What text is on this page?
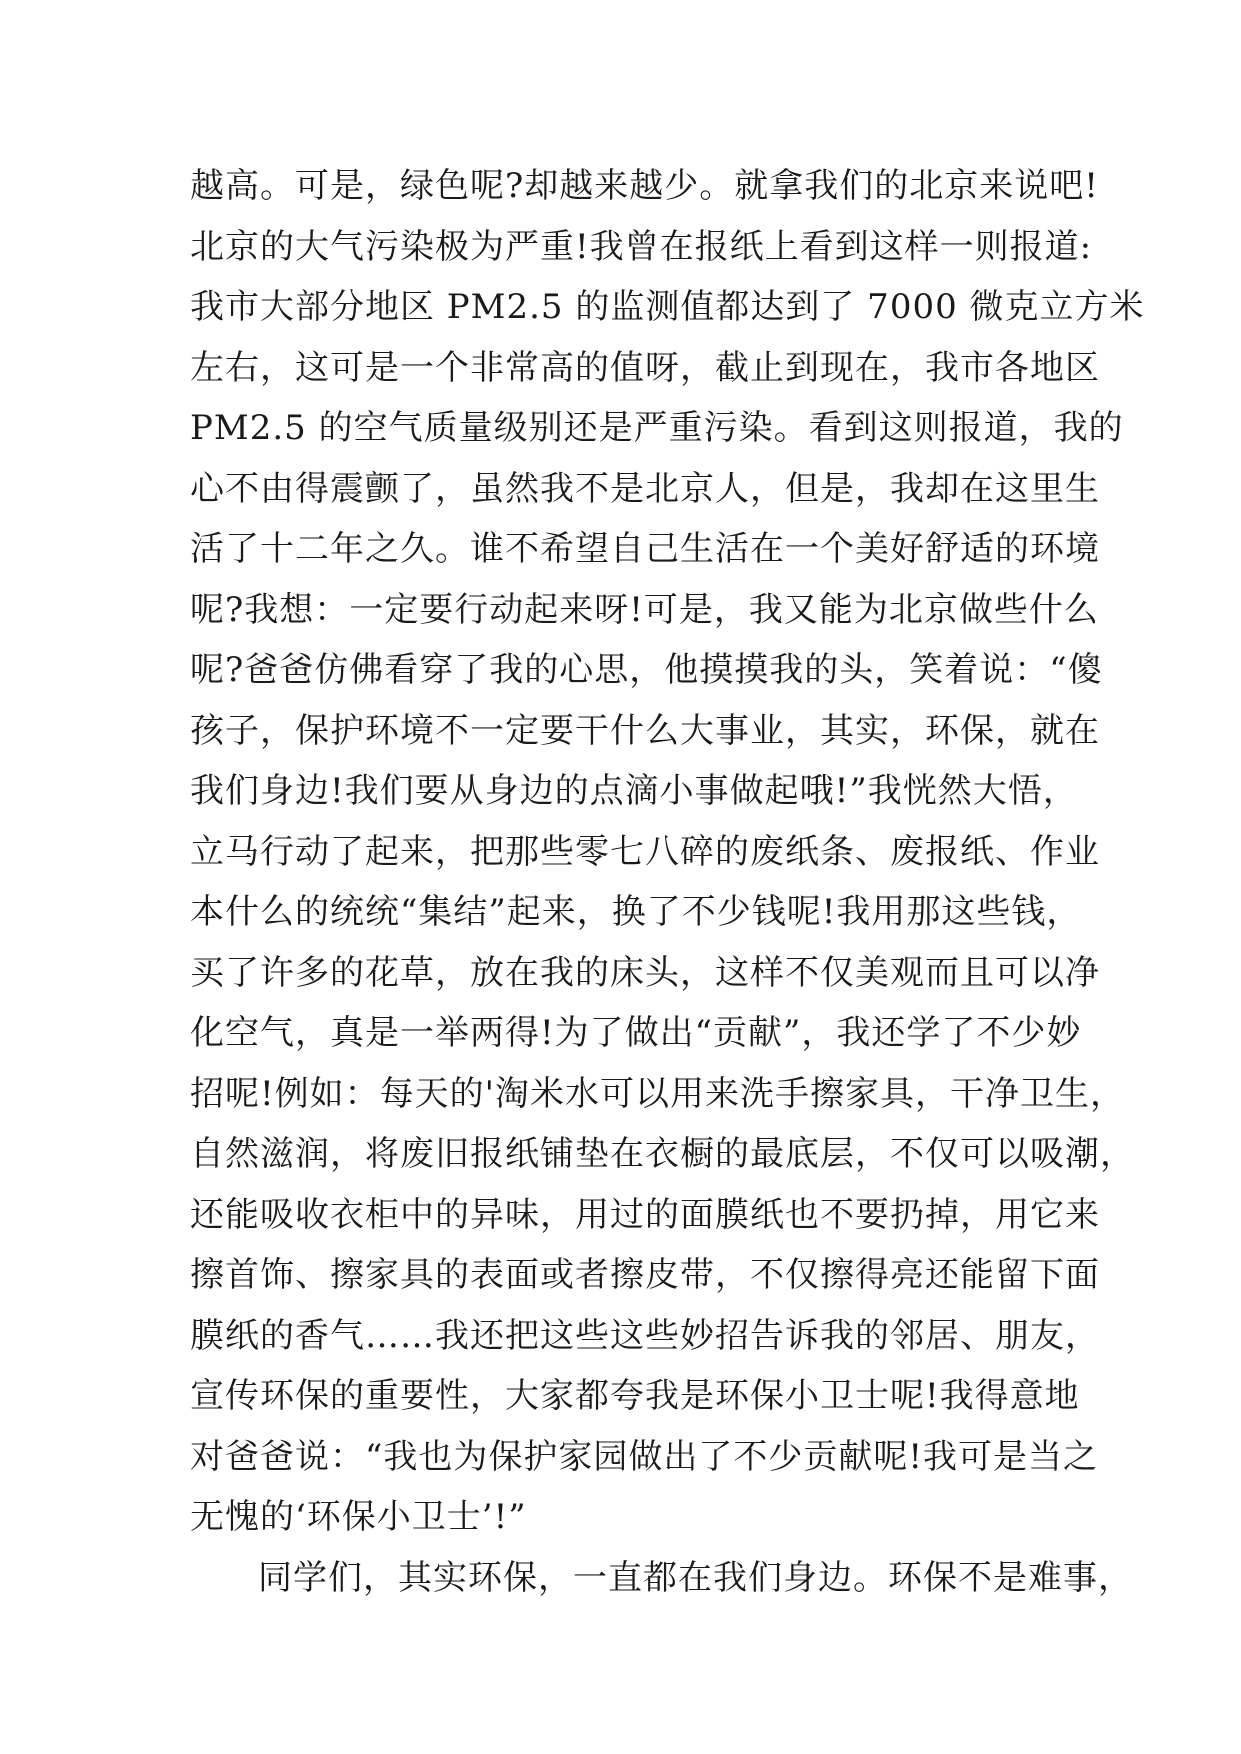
越高。可是，绿色呢?却越来越少。就拿我们的北京来说吧!
北京的大气污染极为严重!我曾在报纸上看到这样一则报道:
我市大部分地区 PM2.5 的监测值都达到了 7000 微克立方米
左右，这可是一个非常高的值呀，截止到现在，我市各地区
PM2.5 的空气质量级别还是严重污染。看到这则报道，我的
心不由得震颤了，虽然我不是北京人，但是，我却在这里生
活了十二年之久。谁不希望自己生活在一个美好舒适的环境
呢?我想：一定要行动起来呀!可是，我又能为北京做些什么
呢?爸爸仿佛看穿了我的心思，他摸摸我的头，笑着说：“傻
孩子，保护环境不一定要干什么大事业，其实，环保，就在
我们身边!我们要从身边的点滴小事做起哦!”我恍然大悟，
立马行动了起来，把那些零七八碎的废纸条、废报纸、作业
本什么的统统“集结”起来，换了不少钱呢!我用那这些钱，
买了许多的花草，放在我的床头，这样不仅美观而且可以净
化空气，真是一举两得!为了做出“贡献”，我还学了不少妙
招呢!例如：每天的'淘米水可以用来洗手擦家具，干净卫生，
自然滋润，将废旧报纸铺垫在衣橱的最底层，不仅可以吸潮，
还能吸收衣柜中的异味，用过的面膜纸也不要扔掉，用它来
擦首饰、擦家具的表面或者擦皮带，不仅擦得亮还能留下面
膜纸的香气……我还把这些这些妙招告诉我的邻居、朋友，
宣传环保的重要性，大家都夸我是环保小卫士呢!我得意地
对爸爸说：“我也为保护家园做出了不少贡献呢!我可是当之
无愧的‘环保小卫士’!”
同学们，其实环保，一直都在我们身边。环保不是难事，
